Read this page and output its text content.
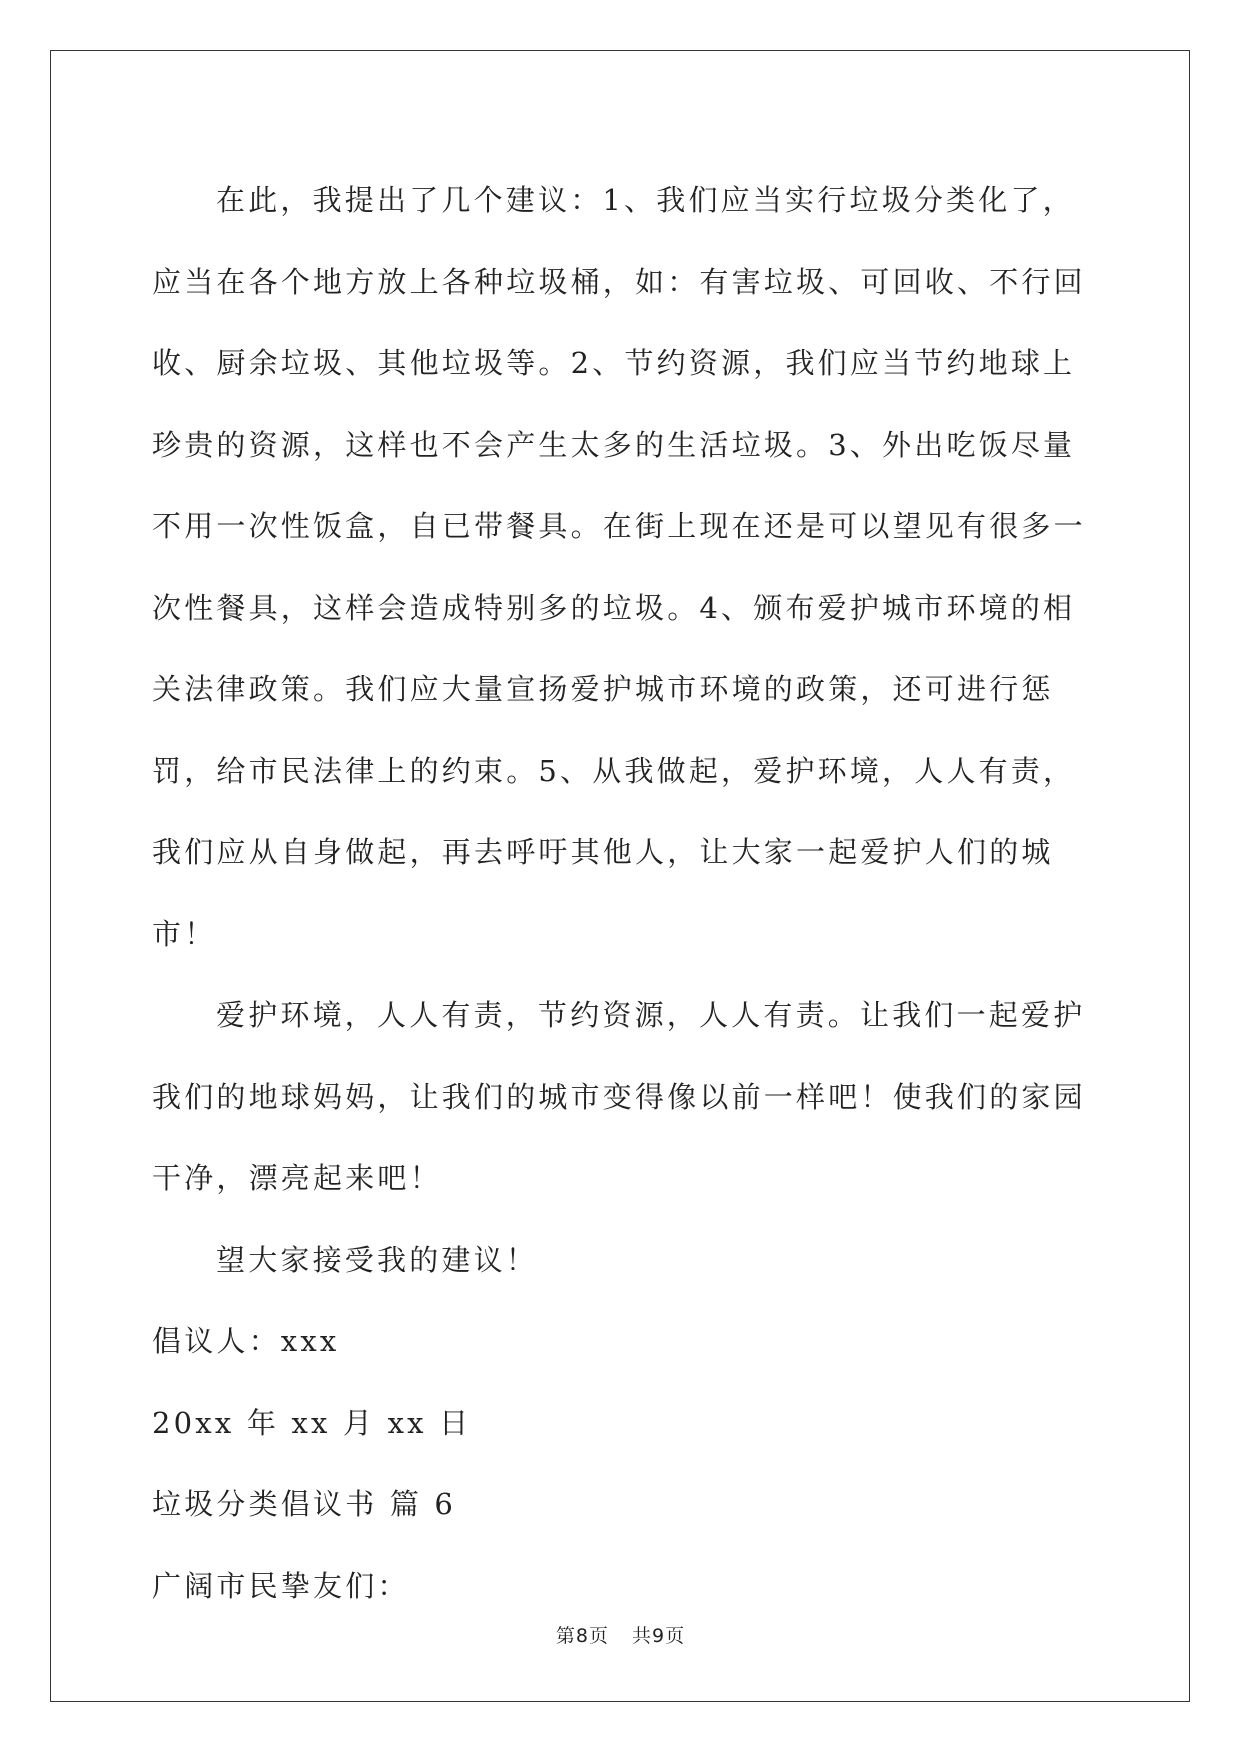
在此，我提出了几个建议：1、我们应当实行垃圾分类化了，应当在各个地方放上各种垃圾桶，如：有害垃圾、可回收、不行回收、厨余垃圾、其他垃圾等。2、节约资源，我们应当节约地球上珍贵的资源，这样也不会产生太多的生活垃圾。3、外出吃饭尽量不用一次性饭盒，自已带餐具。在街上现在还是可以望见有很多一次性餐具，这样会造成特别多的垃圾。4、颁布爱护城市环境的相关法律政策。我们应大量宣扬爱护城市环境的政策，还可进行惩罚，给市民法律上的约束。5、从我做起，爱护环境，人人有责，我们应从自身做起，再去呼吁其他人，让大家一起爱护人们的城市！

爱护环境，人人有责，节约资源，人人有责。让我们一起爱护我们的地球妈妈，让我们的城市变得像以前一样吧！使我们的家园干净，漂亮起来吧！

望大家接受我的建议！

倡议人：xxx

20xx 年 xx 月 xx 日

垃圾分类倡议书 篇 6

广阔市民挚友们：

第8页 共9页
